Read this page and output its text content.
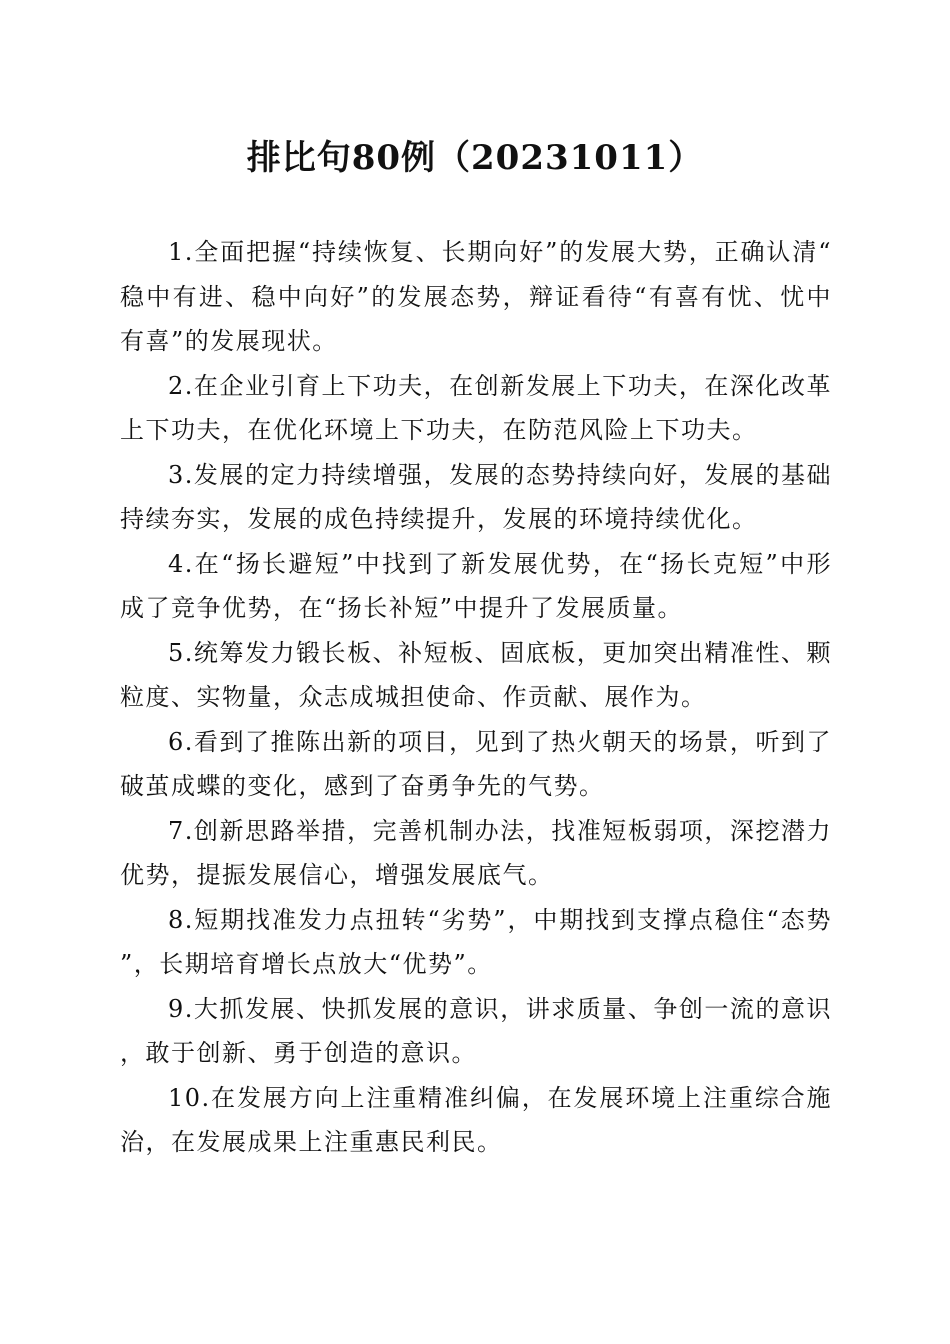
排比句80例（20231011）

1.全面把握“持续恢复、长期向好”的发展大势，正确认清“稳中有进、稳中向好”的发展态势，辩证看待“有喜有忧、忧中有喜”的发展现状。

2.在企业引育上下功夫，在创新发展上下功夫，在深化改革上下功夫，在优化环境上下功夫，在防范风险上下功夫。

3.发展的定力持续增强，发展的态势持续向好，发展的基础持续夯实，发展的成色持续提升，发展的环境持续优化。

4.在“扬长避短”中找到了新发展优势，在“扬长克短”中形成了竞争优势，在“扬长补短”中提升了发展质量。

5.统筹发力锻长板、补短板、固底板，更加突出精准性、颗粒度、实物量，众志成城担使命、作贡献、展作为。

6.看到了推陈出新的项目，见到了热火朝天的场景，听到了破茧成蝶的变化，感到了奋勇争先的气势。

7.创新思路举措，完善机制办法，找准短板弱项，深挖潜力优势，提振发展信心，增强发展底气。

8.短期找准发力点扭转“劣势”，中期找到支撑点稳住“态势”，长期培育增长点放大“优势”。

9.大抓发展、快抓发展的意识，讲求质量、争创一流的意识，敢于创新、勇于创造的意识。

10.在发展方向上注重精准纠偏，在发展环境上注重综合施治，在发展成果上注重惠民利民。
